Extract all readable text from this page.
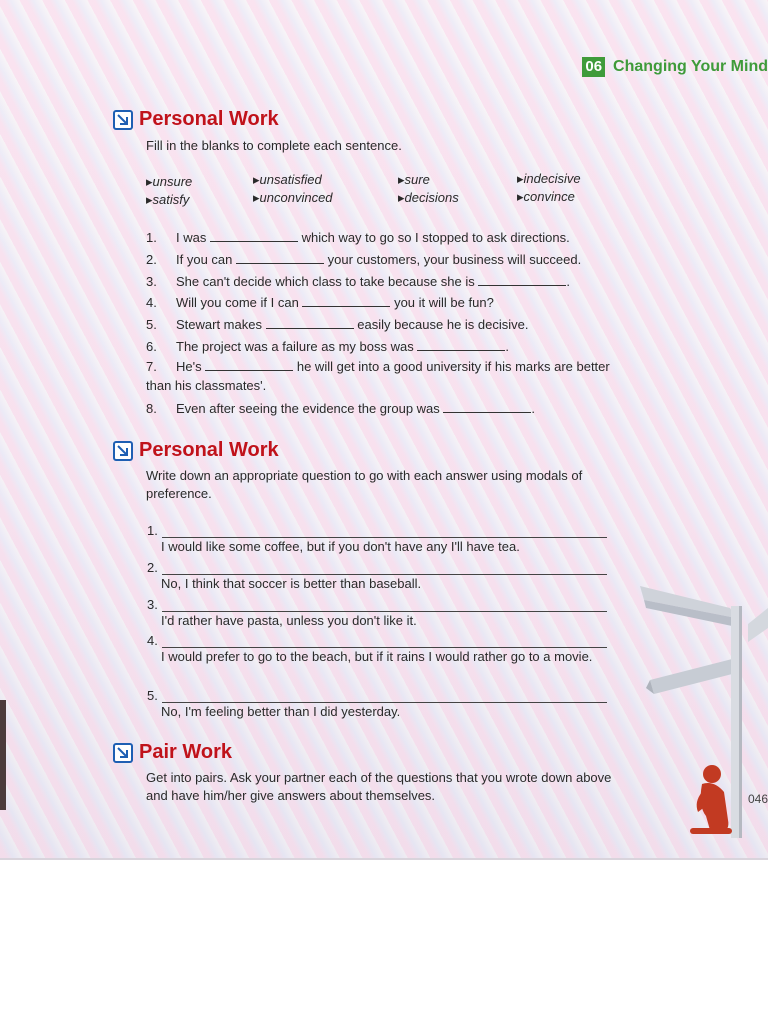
06 Changing Your Mind
Personal Work
Fill in the blanks to complete each sentence.
▸ unsure	▸ unsatisfied	▸ sure	▸ indecisive
▸ satisfy	▸ unconvinced	▸ decisions	▸ convince
1. I was	which way to go so I stopped to ask directions.
2. If you can	your customers, your business will succeed.
3. She can't decide which class to take because she is	.
4. Will you come if I can	you it will be fun?
5. Stewart makes	easily because he is decisive.
6. The project was a failure as my boss was	.
7. He's	he will get into a good university if his marks are better than his classmates'.
8. Even after seeing the evidence the group was	.
Personal Work
Write down an appropriate question to go with each answer using modals of preference.
1.
I would like some coffee, but if you don't have any I'll have tea.
2.
No, I think that soccer is better than baseball.
3.
I'd rather have pasta, unless you don't like it.
4.
I would prefer to go to the beach, but if it rains I would rather go to a movie.
5.
No, I'm feeling better than I did yesterday.
Pair Work
Get into pairs. Ask your partner each of the questions that you wrote down above and have him/her give answers about themselves.	046
